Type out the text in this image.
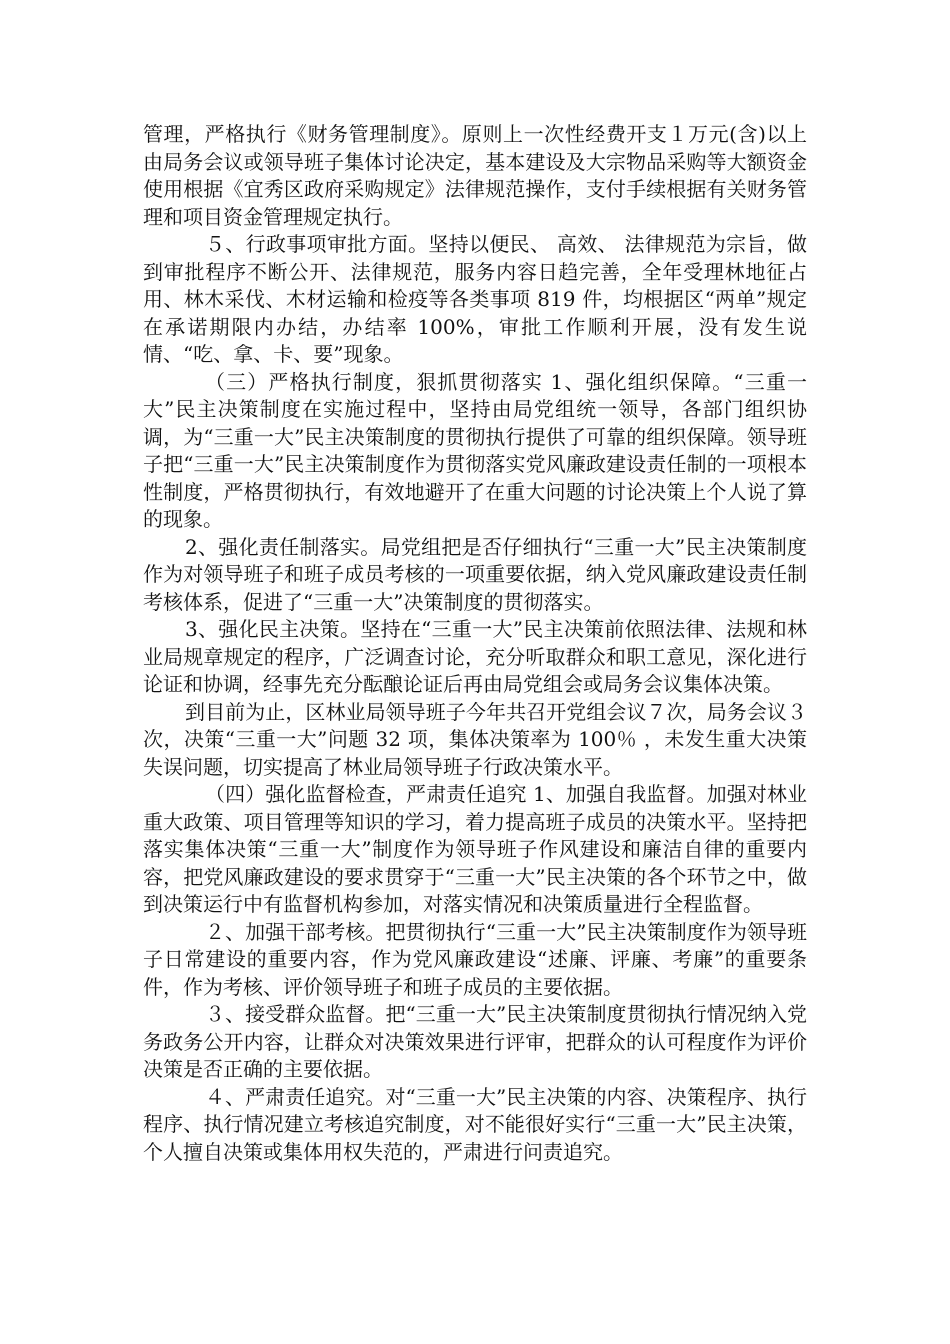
管理，严格执行《财务管理制度》。原则上一次性经费开支１万元(含)以上由局务会议或领导班子集体讨论决定，基本建设及大宗物品采购等大额资金使用根据《宜秀区政府采购规定》法律规范操作，支付手续根据有关财务管理和项目资金管理规定执行。

５、行政事项审批方面。坚持以便民、 高效、 法律规范为宗旨，做到审批程序不断公开、法律规范，服务内容日趋完善，全年受理林地征占用、林木采伐、木材运输和检疫等各类事项 819 件，均根据区“两单”规定在承诺期限内办结，办结率 100%，审批工作顺利开展，没有发生说情、“吃、拿、卡、要”现象。

（三）严格执行制度，狠抓贯彻落实 1、强化组织保障。“三重一大”民主决策制度在实施过程中，坚持由局党组统一领导，各部门组织协调，为“三重一大”民主决策制度的贯彻执行提供了可靠的组织保障。领导班子把“三重一大”民主决策制度作为贯彻落实党风廉政建设责任制的一项根本性制度，严格贯彻执行，有效地避开了在重大问题的讨论决策上个人说了算的现象。

2、强化责任制落实。局党组把是否仔细执行“三重一大”民主决策制度作为对领导班子和班子成员考核的一项重要依据，纳入党风廉政建设责任制考核体系，促进了“三重一大”决策制度的贯彻落实。

3、强化民主决策。坚持在“三重一大”民主决策前依照法律、法规和林业局规章规定的程序，广泛调查讨论，充分听取群众和职工意见，深化进行论证和协调，经事先充分酝酿论证后再由局党组会或局务会议集体决策。

到目前为止，区林业局领导班子今年共召开党组会议７次，局务会议３次，决策“三重一大”问题 32 项，集体决策率为 100％ ，未发生重大决策失误问题，切实提高了林业局领导班子行政决策水平。

（四）强化监督检查，严肃责任追究 1、加强自我监督。加强对林业重大政策、项目管理等知识的学习，着力提高班子成员的决策水平。坚持把落实集体决策“三重一大”制度作为领导班子作风建设和廉洁自律的重要内容，把党风廉政建设的要求贯穿于“三重一大”民主决策的各个环节之中，做到决策运行中有监督机构参加，对落实情况和决策质量进行全程监督。

２、加强干部考核。把贯彻执行“三重一大”民主决策制度作为领导班子日常建设的重要内容，作为党风廉政建设“述廉、评廉、考廉”的重要条件，作为考核、评价领导班子和班子成员的主要依据。

３、接受群众监督。把“三重一大”民主决策制度贯彻执行情况纳入党务政务公开内容，让群众对决策效果进行评审，把群众的认可程度作为评价决策是否正确的主要依据。

４、严肃责任追究。对“三重一大”民主决策的内容、决策程序、执行程序、执行情况建立考核追究制度，对不能很好实行“三重一大”民主决策，个人擅自决策或集体用权失范的，严肃进行问责追究。
